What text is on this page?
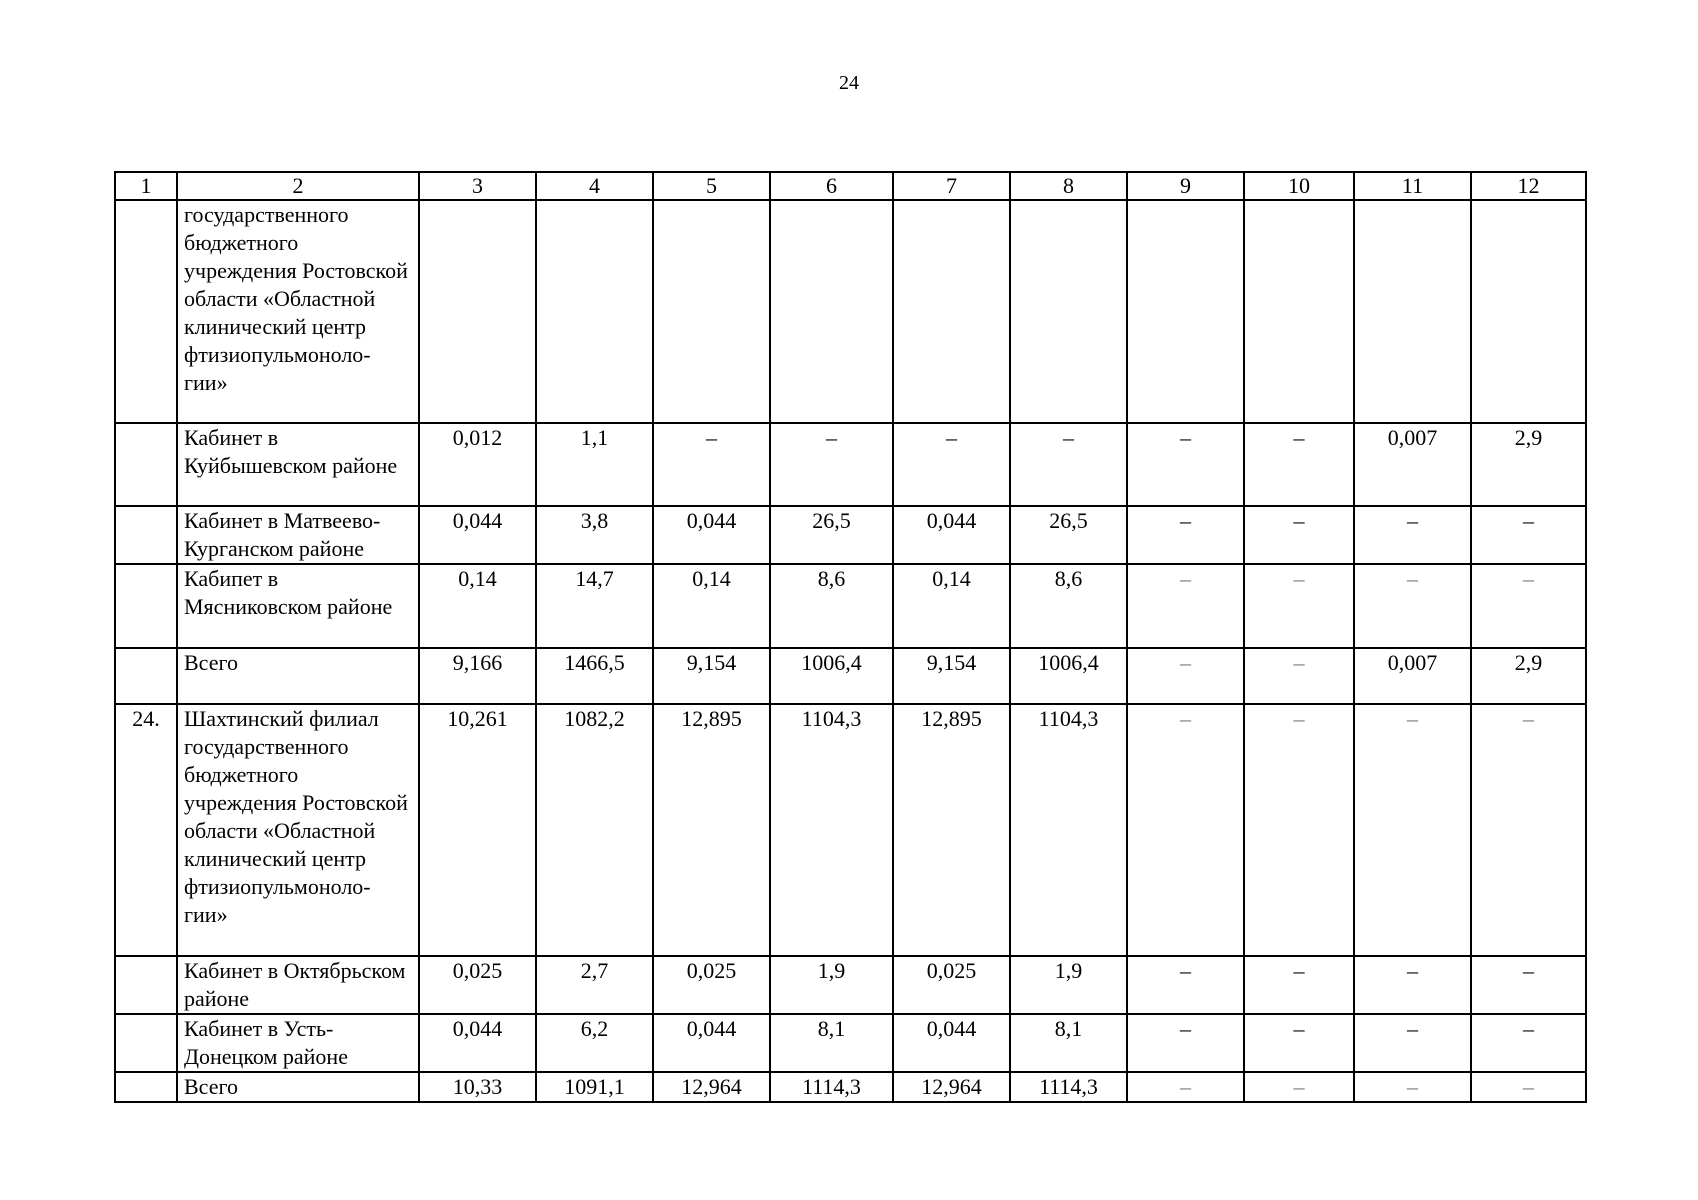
24
1	2	3	4	5	6	7	8	9	10	11	12
	государственного бюджетного учреждения Ростовской области «Областной клинический центр фтизиопульмоноло-гии»										
	Кабинет в Куйбышевском районе	0,012	1,1	–	–	–	–	–	–	0,007	2,9
	Кабинет в Матвеево-Курганском районе	0,044	3,8	0,044	26,5	0,044	26,5	–	–	–	–
	Кабипет в Мясниковском районе	0,14	14,7	0,14	8,6	0,14	8,6	–	–	–	–
	Всего	9,166	1466,5	9,154	1006,4	9,154	1006,4	–	–	0,007	2,9
24.	Шахтинский филиал государственного бюджетного учреждения Ростовской области «Областной клинический центр фтизиопульмоноло-гии»	10,261	1082,2	12,895	1104,3	12,895	1104,3	–	–	–	–
	Кабинет в Октябрьском районе	0,025	2,7	0,025	1,9	0,025	1,9	–	–	–	–
	Кабинет в Усть-Донецком районе	0,044	6,2	0,044	8,1	0,044	8,1	–	–	–	–
	Всего	10,33	1091,1	12,964	1114,3	12,964	1114,3	–	–	–	–
